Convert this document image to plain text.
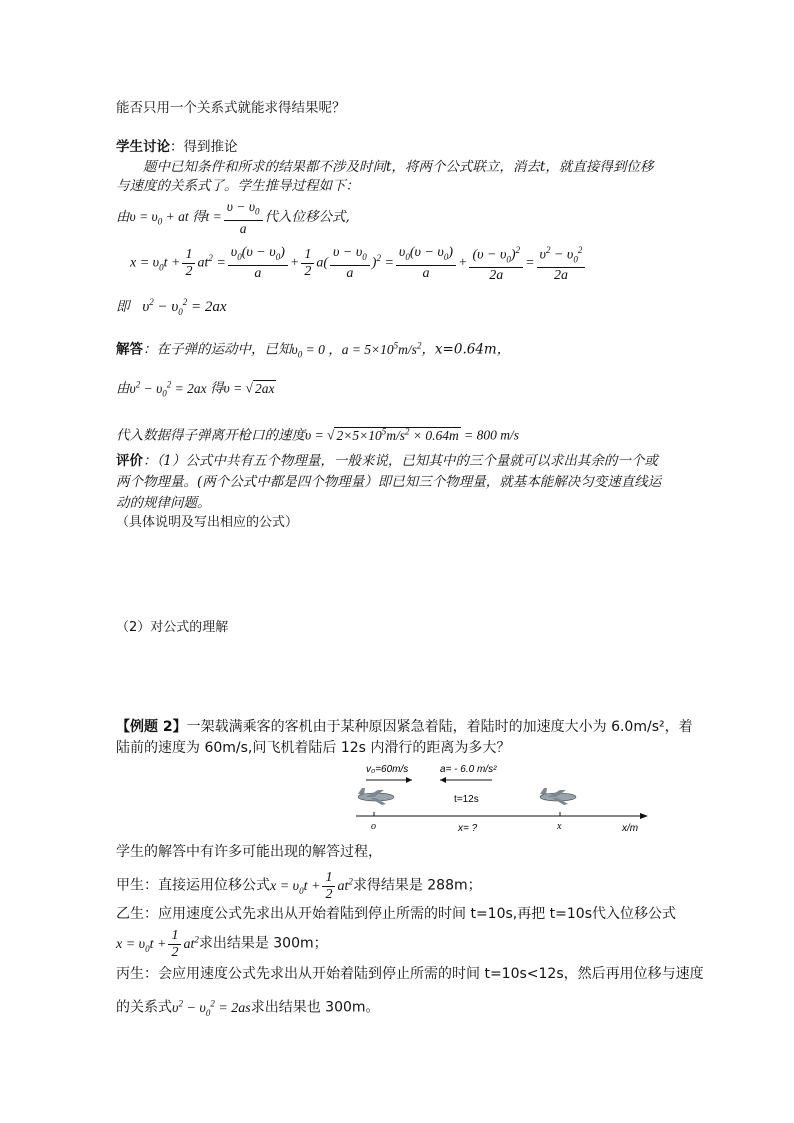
能否只用一个关系式就能求得结果呢？
学生讨论：得到推论
题中已知条件和所求的结果都不涉及时间t，将两个公式联立，消去t，就直接得到位移
与速度的关系式了。学生推导过程如下：
由$\upsilon = \upsilon_0$ + at 得$t = \frac{\upsilon - \upsilon_0}{a}$ 代入位移公式,
$x = \upsilon_0t + \frac{1}{2} at^2 = \frac{\upsilon_0(\upsilon - \upsilon_0)}{a} + \frac{1}{2} a( \frac{\upsilon - \upsilon_0}{a} )^2 = \frac{\upsilon_0(\upsilon - \upsilon_0)}{a} + \frac{(\upsilon - \upsilon_0)^2}{2a} = \frac{\upsilon^2 - \upsilon_0^2}{2a}$
即 $\upsilon^2 - \upsilon_0^2 = 2ax$
解答：在子弹的运动中，已知$\upsilon_0 = 0$ ，$a = 5\times 10^5m/s^2$，x=0.64m，
由$\upsilon^2 - \upsilon_0^2 = 2ax$ 得υ = √ 2ax
代入数据得子弹离开枪口的速度υ = √ $2\times 5\times 10^5m/s^2 \times 0.64m = 800$ m/s
评价：（1）公式中共有五个物理量，一般来说，已知其中的三个量就可以求出其余的一个或
两个物理量。(两个公式中都是四个物理量）即已知三个物理量，就基本能解决匀变速直线运
动的规律问题。
（具体说明及写出相应的公式）
（2）对公式的理解
【例题 2】一架载满乘客的客机由于某种原因紧急着陆，着陆时的加速度大小为 6.0m/s²，着
陆前的速度为 60m/s,问飞机着陆后 12s 内滑行的距离为多大？
v₀=60m/s	a= - 6.0 m/s²
t=12s
o	x= ?	x	x/m
学生的解答中有许多可能出现的解答过程，
甲生：直接运用位移公式$x = \upsilon_0t + \frac{1}{2} at^2$求得结果是 288m；
乙生：应用速度公式先求出从开始着陆到停止所需的时间 t=10s,再把 t=10s代入位移公式
$x = \upsilon_0t + \frac{1}{2} at^2$求出结果是 300m；
丙生：会应用速度公式先求出从开始着陆到停止所需的时间 t=10s<12s，然后再用位移与速度
的关系式$\upsilon^2 - \upsilon_0^2 = 2as$求出结果也 300m。
